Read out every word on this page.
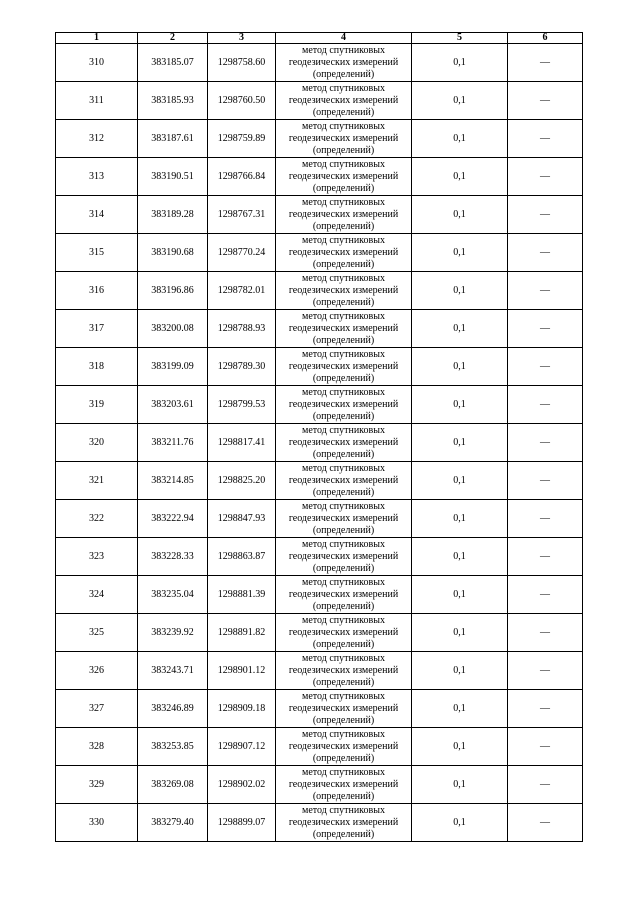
1	2	3	4	5	6
310	383185.07	1298758.60	метод спутниковых геодезических измерений (определений)	0,1	—
311	383185.93	1298760.50	метод спутниковых геодезических измерений (определений)	0,1	—
312	383187.61	1298759.89	метод спутниковых геодезических измерений (определений)	0,1	—
313	383190.51	1298766.84	метод спутниковых геодезических измерений (определений)	0,1	—
314	383189.28	1298767.31	метод спутниковых геодезических измерений (определений)	0,1	—
315	383190.68	1298770.24	метод спутниковых геодезических измерений (определений)	0,1	—
316	383196.86	1298782.01	метод спутниковых геодезических измерений (определений)	0,1	—
317	383200.08	1298788.93	метод спутниковых геодезических измерений (определений)	0,1	—
318	383199.09	1298789.30	метод спутниковых геодезических измерений (определений)	0,1	—
319	383203.61	1298799.53	метод спутниковых геодезических измерений (определений)	0,1	—
320	383211.76	1298817.41	метод спутниковых геодезических измерений (определений)	0,1	—
321	383214.85	1298825.20	метод спутниковых геодезических измерений (определений)	0,1	—
322	383222.94	1298847.93	метод спутниковых геодезических измерений (определений)	0,1	—
323	383228.33	1298863.87	метод спутниковых геодезических измерений (определений)	0,1	—
324	383235.04	1298881.39	метод спутниковых геодезических измерений (определений)	0,1	—
325	383239.92	1298891.82	метод спутниковых геодезических измерений (определений)	0,1	—
326	383243.71	1298901.12	метод спутниковых геодезических измерений (определений)	0,1	—
327	383246.89	1298909.18	метод спутниковых геодезических измерений (определений)	0,1	—
328	383253.85	1298907.12	метод спутниковых геодезических измерений (определений)	0,1	—
329	383269.08	1298902.02	метод спутниковых геодезических измерений (определений)	0,1	—
330	383279.40	1298899.07	метод спутниковых геодезических измерений (определений)	0,1	—
